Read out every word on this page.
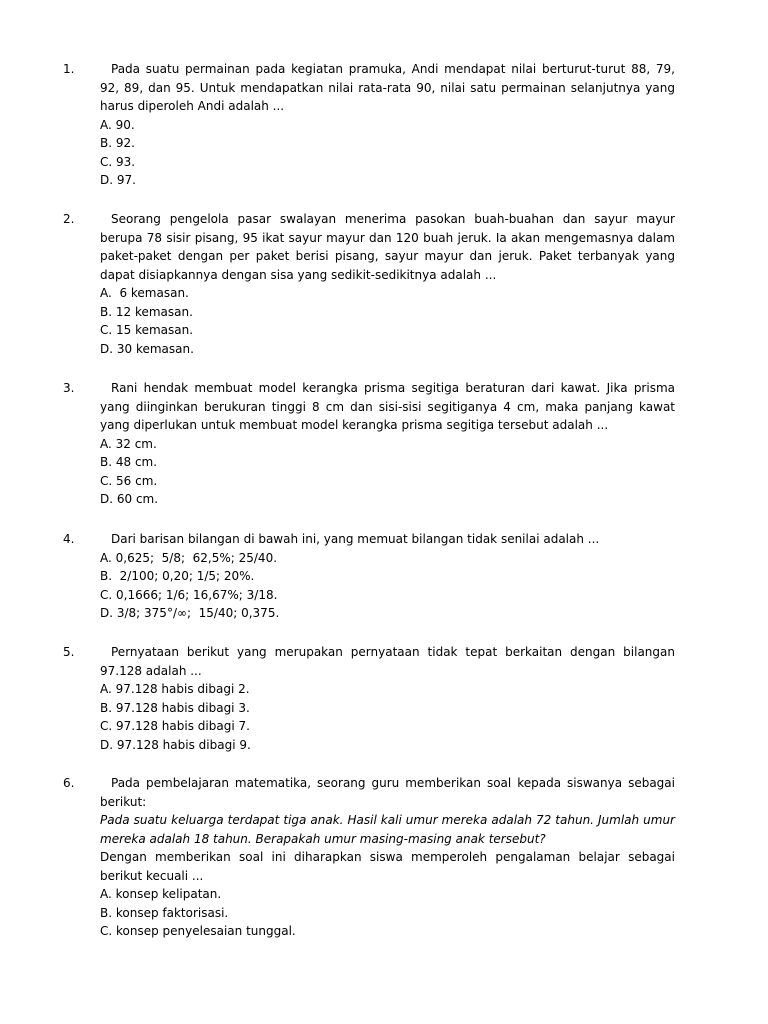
1.	Pada suatu permainan pada kegiatan pramuka, Andi mendapat nilai berturut-turut 88, 79, 92, 89, dan 95. Untuk mendapatkan nilai rata-rata 90, nilai satu permainan selanjutnya yang harus diperoleh Andi adalah ...
A. 90.
B. 92.
C. 93.
D. 97.
2.	Seorang pengelola pasar swalayan menerima pasokan buah-buahan dan sayur mayur berupa 78 sisir pisang, 95 ikat sayur mayur dan 120 buah jeruk. Ia akan mengemasnya dalam paket-paket dengan per paket berisi pisang, sayur mayur dan jeruk. Paket terbanyak yang dapat disiapkannya dengan sisa yang sedikit-sedikitnya adalah ...
A.  6 kemasan.
B. 12 kemasan.
C. 15 kemasan.
D. 30 kemasan.
3.	Rani hendak membuat model kerangka prisma segitiga beraturan dari kawat. Jika prisma yang diinginkan berukuran tinggi 8 cm dan sisi-sisi segitiganya 4 cm, maka panjang kawat yang diperlukan untuk membuat model kerangka prisma segitiga tersebut adalah ...
A. 32 cm.
B. 48 cm.
C. 56 cm.
D. 60 cm.
4.	Dari barisan bilangan di bawah ini, yang memuat bilangan tidak senilai adalah ...
A. 0,625;  5/8;  62,5%; 25/40.
B.  2/100; 0,20; 1/5; 20%.
C. 0,1666; 1/6; 16,67%; 3/18.
D. 3/8; 375°/∞;  15/40; 0,375.
5.	Pernyataan berikut yang merupakan pernyataan tidak tepat berkaitan dengan bilangan 97.128 adalah ...
A. 97.128 habis dibagi 2.
B. 97.128 habis dibagi 3.
C. 97.128 habis dibagi 7.
D. 97.128 habis dibagi 9.
6.	Pada pembelajaran matematika, seorang guru memberikan soal kepada siswanya sebagai berikut:
Pada suatu keluarga terdapat tiga anak. Hasil kali umur mereka adalah 72 tahun. Jumlah umur mereka adalah 18 tahun. Berapakah umur masing-masing anak tersebut?
Dengan memberikan soal ini diharapkan siswa memperoleh pengalaman belajar sebagai berikut kecuali ...
A. konsep kelipatan.
B. konsep faktorisasi.
C. konsep penyelesaian tunggal.
